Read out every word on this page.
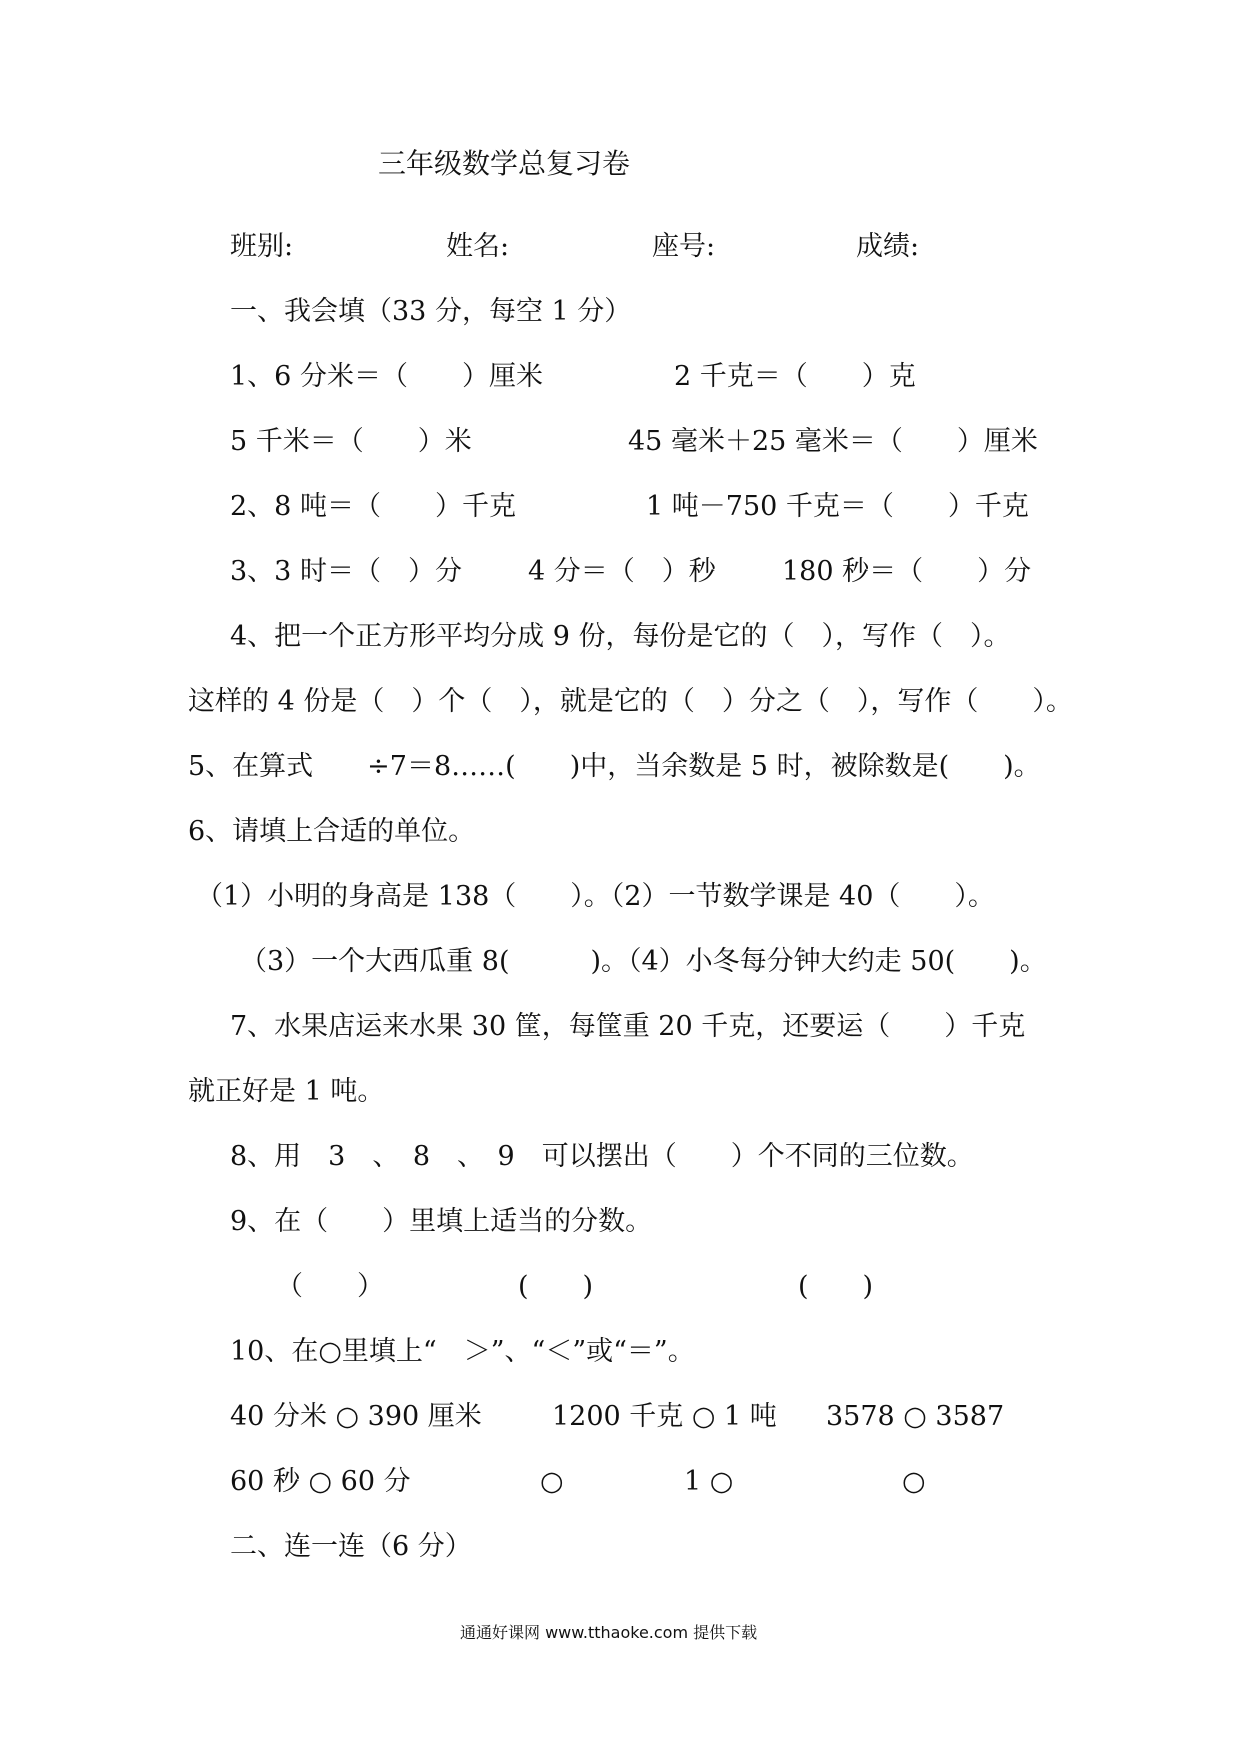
三年级数学总复习卷
班别:	姓名:	座号:	成绩:
一、我会填（33 分，每空 1 分）
1、6 分米＝（　　）厘米	2 千克＝（　　）克
5 千米＝（　　）米	45 毫米＋25 毫米＝（　　）厘米
2、8 吨＝（　　）千克	1 吨－750 千克＝（　　）千克
3、3 时＝（　）分 4 分＝（　）秒 180 秒＝（　　）分
4、把一个正方形平均分成 9 份，每份是它的（　），写作（　）。
这样的 4 份是（　）个（　），就是它的（　）分之（　），写作（　　）。
5、在算式　　÷7＝8……(　　)中，当余数是 5 时，被除数是(　　)。
6、请填上合适的单位。
（1）小明的身高是 138（　　）。（2）一节数学课是 40（　　）。
（3）一个大西瓜重 8(　　　)。（4）小冬每分钟大约走 50(　　)。
7、水果店运来水果 30 筐，每筐重 20 千克，还要运（　　）千克
就正好是 1 吨。
8、用　3　、　8　、　9　可以摆出（　　）个不同的三位数。
9、在（　　）里填上适当的分数。
（　　）	(　　)	(　　)
10、在○里填上“　＞”、“＜”或“＝”。
40 分米 ○ 390 厘米	1200 千克 ○ 1 吨 3578 ○ 3587
60 秒 ○ 60 分	○	1 ○	○
二、连一连（6 分）
通通好课网 www.tthaoke.com 提供下载
